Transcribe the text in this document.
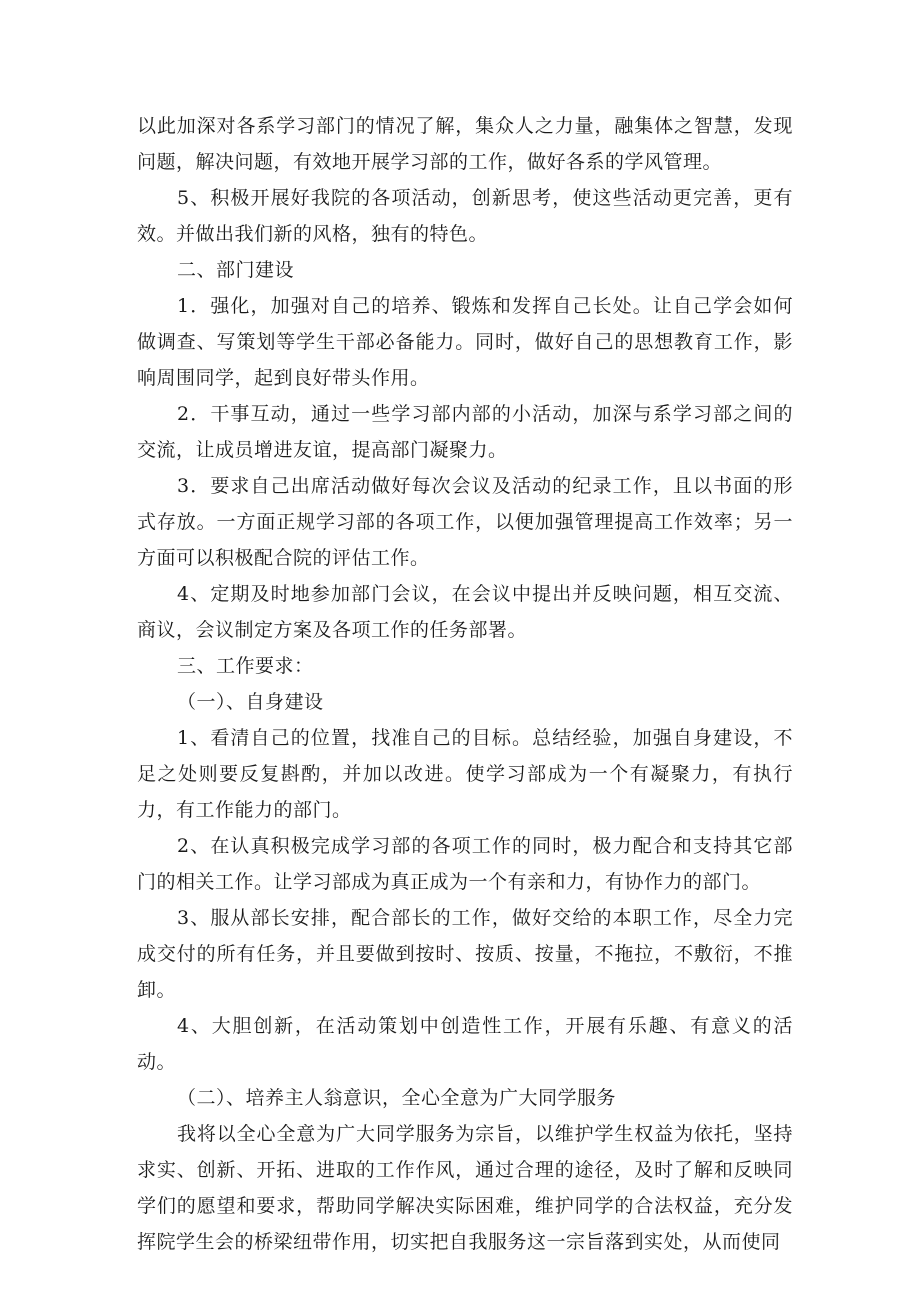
以此加深对各系学习部门的情况了解，集众人之力量，融集体之智慧，发现问题，解决问题，有效地开展学习部的工作，做好各系的学风管理。

5、积极开展好我院的各项活动，创新思考，使这些活动更完善，更有效。并做出我们新的风格，独有的特色。

二、部门建设

1．强化，加强对自己的培养、锻炼和发挥自己长处。让自己学会如何做调查、写策划等学生干部必备能力。同时，做好自己的思想教育工作，影响周围同学，起到良好带头作用。

2．干事互动，通过一些学习部内部的小活动，加深与系学习部之间的交流，让成员增进友谊，提高部门凝聚力。

3．要求自己出席活动做好每次会议及活动的纪录工作，且以书面的形式存放。一方面正规学习部的各项工作，以便加强管理提高工作效率；另一方面可以积极配合院的评估工作。

4、定期及时地参加部门会议，在会议中提出并反映问题，相互交流、商议，会议制定方案及各项工作的任务部署。

三、工作要求：

（一）、自身建设

1、看清自己的位置，找准自己的目标。总结经验，加强自身建设，不足之处则要反复斟酌，并加以改进。使学习部成为一个有凝聚力，有执行力，有工作能力的部门。

2、在认真积极完成学习部的各项工作的同时，极力配合和支持其它部门的相关工作。让学习部成为真正成为一个有亲和力，有协作力的部门。

3、服从部长安排，配合部长的工作，做好交给的本职工作，尽全力完成交付的所有任务，并且要做到按时、按质、按量，不拖拉，不敷衍，不推卸。

4、大胆创新，在活动策划中创造性工作，开展有乐趣、有意义的活动。

（二）、培养主人翁意识，全心全意为广大同学服务

我将以全心全意为广大同学服务为宗旨，以维护学生权益为依托，坚持求实、创新、开拓、进取的工作作风，通过合理的途径，及时了解和反映同学们的愿望和要求，帮助同学解决实际困难，维护同学的合法权益，充分发挥院学生会的桥梁纽带作用，切实把自我服务这一宗旨落到实处，从而使同
